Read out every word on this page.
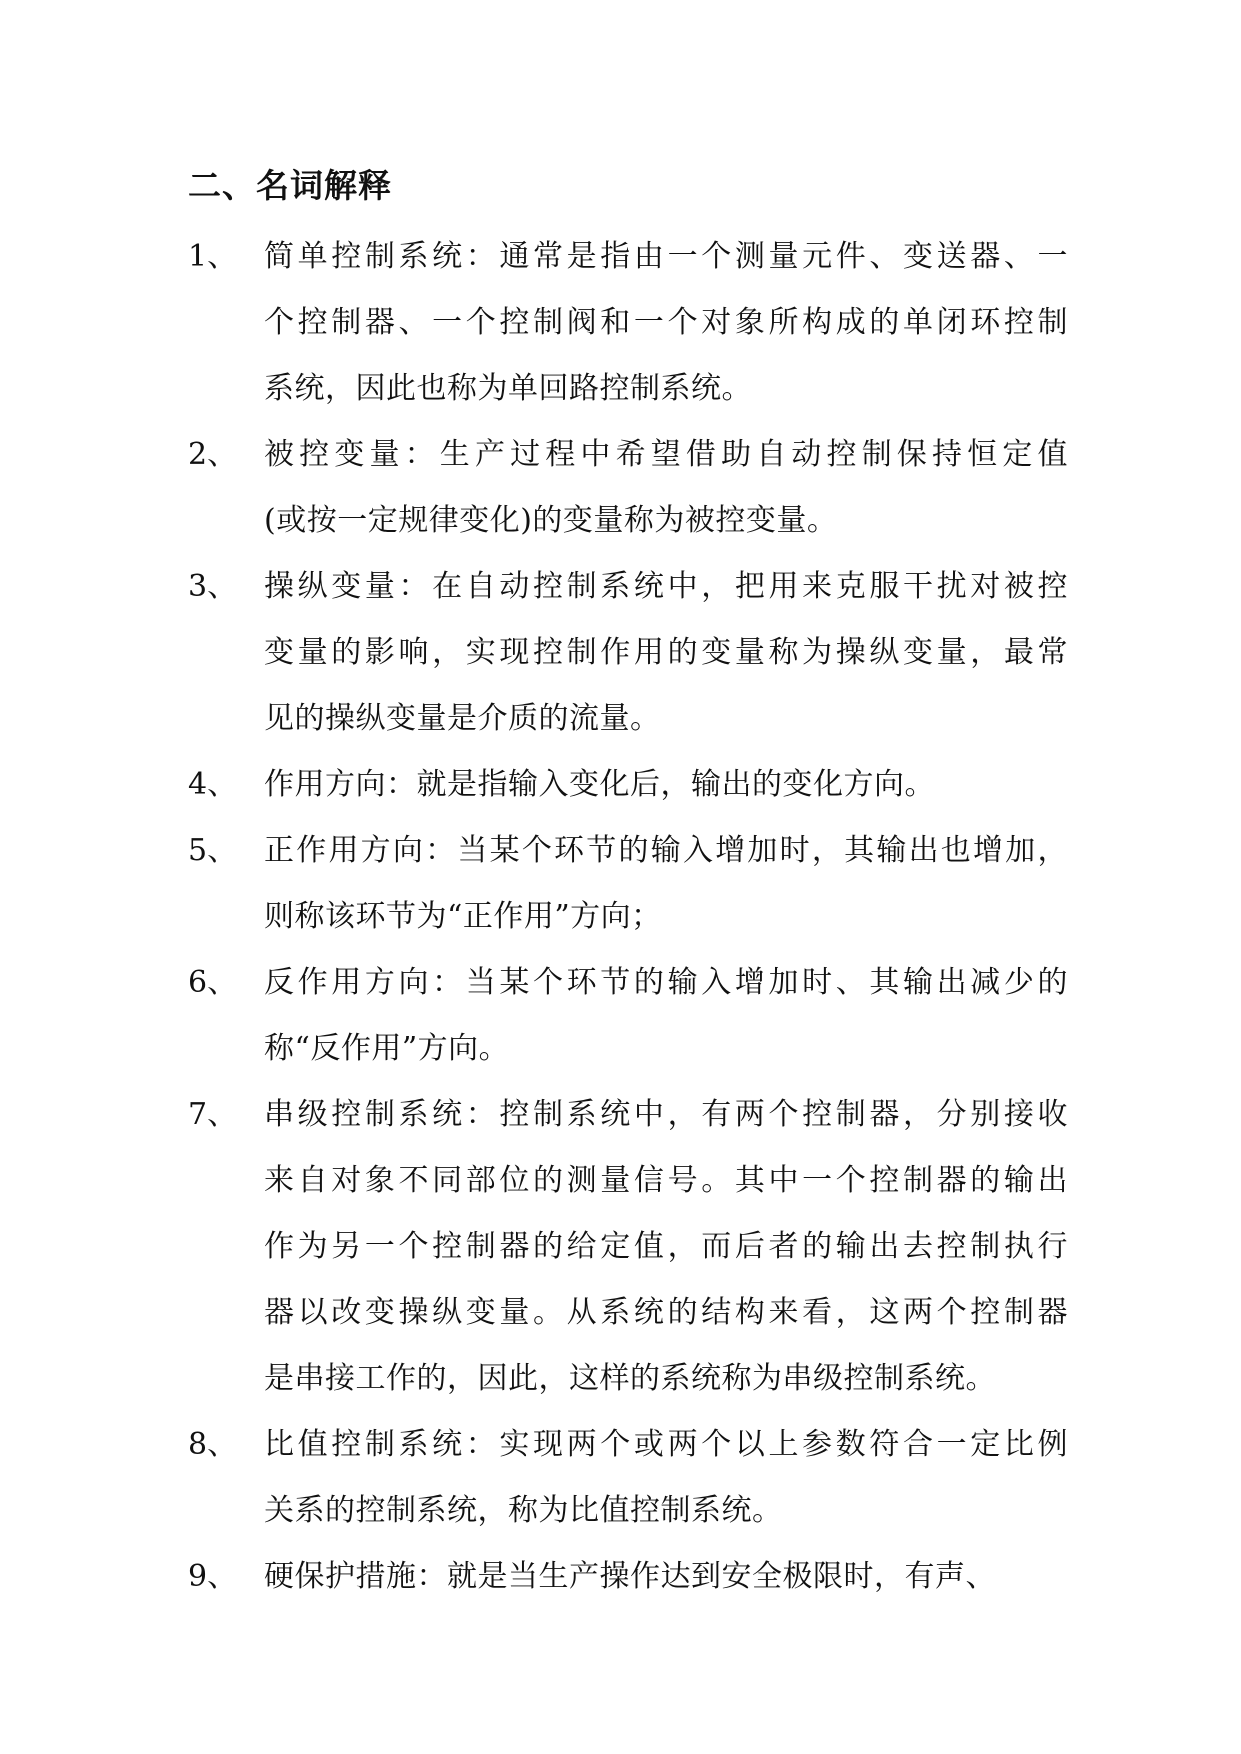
二、名词解释
1、 简单控制系统：通常是指由一个测量元件、变送器、一
个控制器、一个控制阀和一个对象所构成的单闭环控制
系统，因此也称为单回路控制系统。
2、 被控变量：生产过程中希望借助自动控制保持恒定值
(或按一定规律变化)的变量称为被控变量。
3、 操纵变量：在自动控制系统中，把用来克服干扰对被控
变量的影响，实现控制作用的变量称为操纵变量，最常
见的操纵变量是介质的流量。
4、 作用方向：就是指输入变化后，输出的变化方向。
5、 正作用方向：当某个环节的输入增加时，其输出也增加，
则称该环节为“正作用”方向；
6、 反作用方向：当某个环节的输入增加时、其输出减少的
称“反作用”方向。
7、 串级控制系统：控制系统中，有两个控制器，分别接收
来自对象不同部位的测量信号。其中一个控制器的输出
作为另一个控制器的给定值，而后者的输出去控制执行
器以改变操纵变量。从系统的结构来看，这两个控制器
是串接工作的，因此，这样的系统称为串级控制系统。
8、 比值控制系统：实现两个或两个以上参数符合一定比例
关系的控制系统，称为比值控制系统。
9、 硬保护措施：就是当生产操作达到安全极限时，有声、
